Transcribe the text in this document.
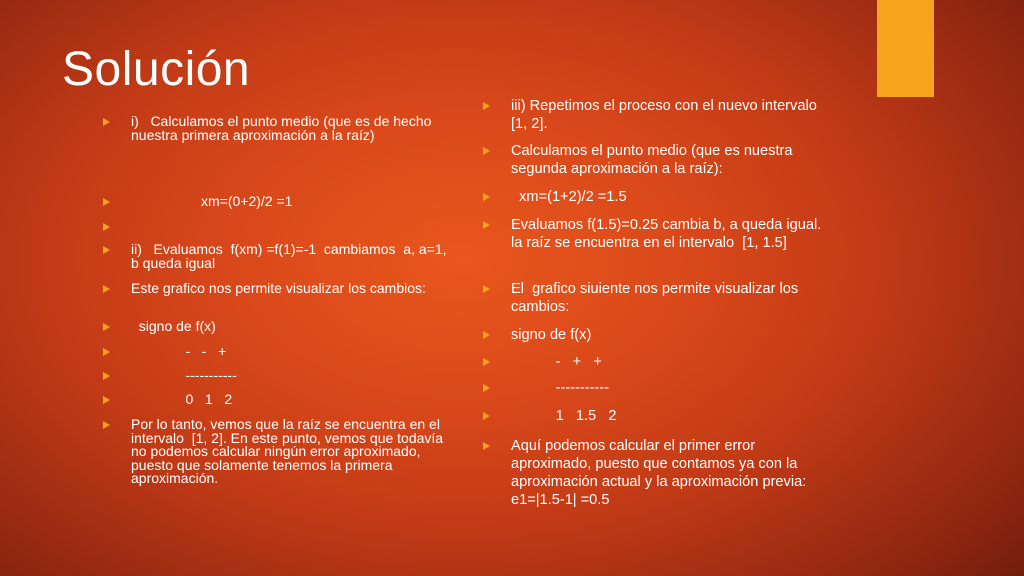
Solución
i)   Calculamos el punto medio (que es de hecho nuestra primera aproximación a la raíz)
xm=(0+2)/2 =1
ii)   Evaluamos  f(xm) =f(1)=-1  cambiamos  a, a=1, b queda igual
Este grafico nos permite visualizar los cambios:
signo de f(x)
-   -   +
-----------
0   1   2
Por lo tanto, vemos que la raíz se encuentra en el intervalo  [1, 2]. En este punto, vemos que todavía no podemos calcular ningún error aproximado, puesto que solamente tenemos la primera aproximación.
iii) Repetimos el proceso con el nuevo intervalo  [1, 2].
Calculamos el punto medio (que es nuestra segunda aproximación a la raíz):
xm=(1+2)/2 =1.5
Evaluamos f(1.5)=0.25 cambia b, a queda igual. la raíz se encuentra en el intervalo  [1, 1.5]
El  grafico siuiente nos permite visualizar los cambios:
signo de f(x)
-   +   +
-----------
1   1.5   2
Aquí podemos calcular el primer error aproximado, puesto que contamos ya con la aproximación actual y la aproximación previa:   e1=|1.5-1| =0.5
